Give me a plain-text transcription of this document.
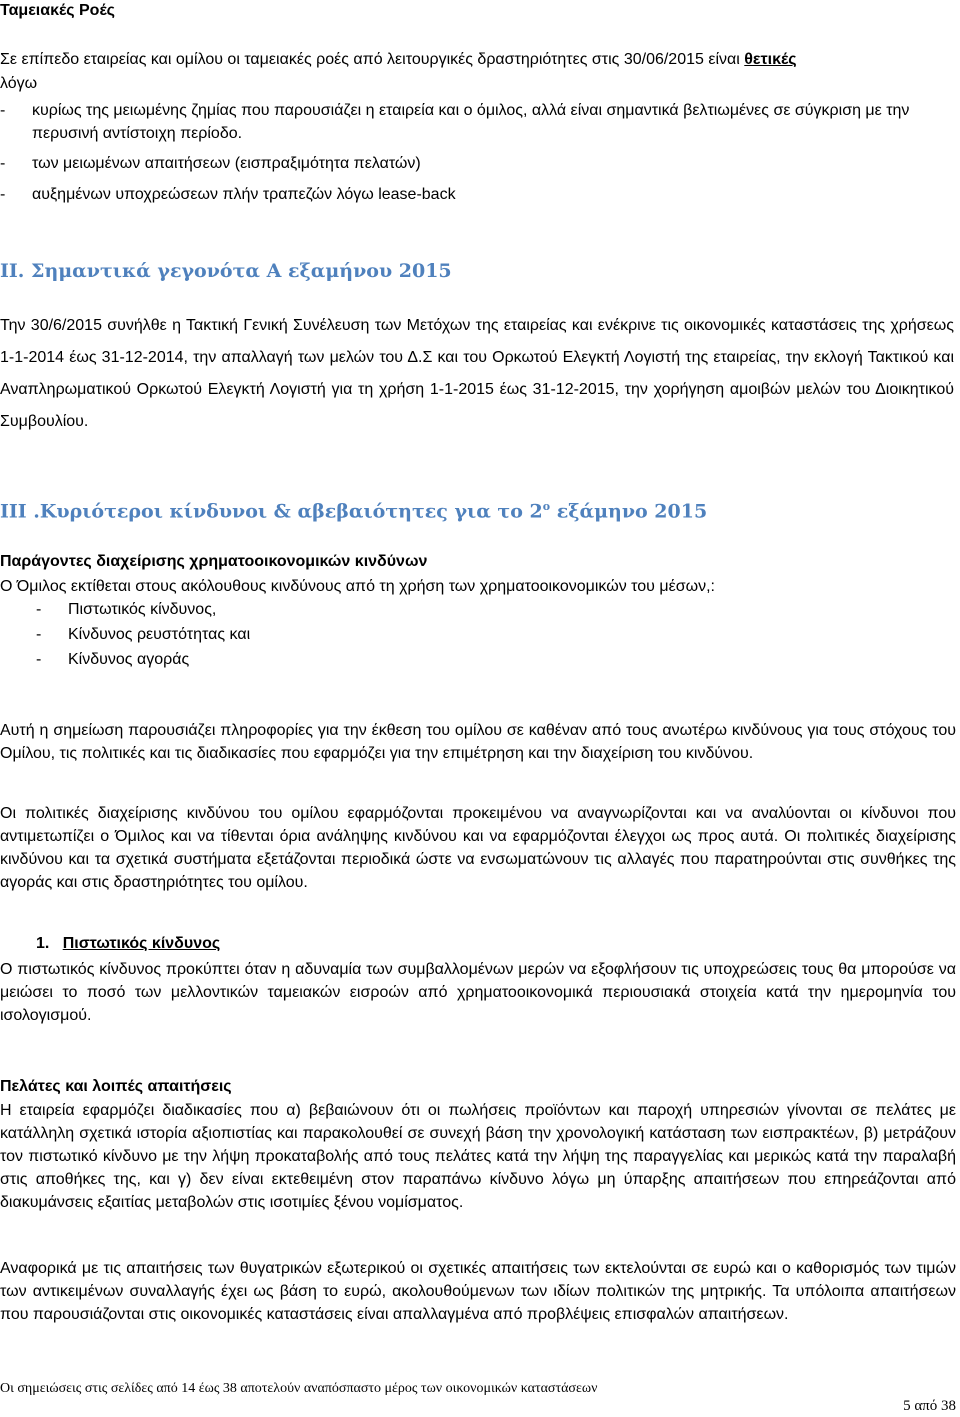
Ταμειακές Ροές
Σε επίπεδο εταιρείας και ομίλου οι ταμειακές ροές από λειτουργικές δραστηριότητες στις 30/06/2015 είναι θετικές
λόγω
-	κυρίως της μειωμένης ζημίας που παρουσιάζει η εταιρεία και ο όμιλος, αλλά είναι σημαντικά βελτιωμένες σε σύγκριση με την περυσινή αντίστοιχη περίοδο.
-	των μειωμένων απαιτήσεων (εισπραξιμότητα πελατών)
-	αυξημένων υποχρεώσεων πλήν τραπεζών λόγω lease-back
II. Σημαντικά γεγονότα Α εξαμήνου 2015
Την 30/6/2015 συνήλθε η Τακτική Γενική Συνέλευση των Μετόχων της εταιρείας και ενέκρινε τις οικονομικές καταστάσεις της χρήσεως 1-1-2014 έως 31-12-2014, την απαλλαγή των μελών του Δ.Σ και του Ορκωτού Ελεγκτή Λογιστή της εταιρείας, την εκλογή Τακτικού και Αναπληρωματικού Ορκωτού Ελεγκτή Λογιστή για τη χρήση 1-1-2015 έως 31-12-2015, την χορήγηση αμοιβών μελών του Διοικητικού Συμβουλίου.
III .Κυριότεροι κίνδυνοι & αβεβαιότητες για το $2^o$ εξάμηνο 2015
Παράγοντες διαχείρισης χρηματοοικονομικών κινδύνων
Ο Όμιλος εκτίθεται στους ακόλουθους κινδύνους από τη χρήση των χρηματοοικονομικών του μέσων,:
-	Πιστωτικός κίνδυνος,
-	Κίνδυνος ρευστότητας και
-	Κίνδυνος αγοράς
Αυτή η σημείωση παρουσιάζει πληροφορίες για την έκθεση του ομίλου σε καθέναν από τους ανωτέρω κινδύνους για τους στόχους του Ομίλου, τις πολιτικές και τις διαδικασίες που εφαρμόζει για την επιμέτρηση και την διαχείριση του κινδύνου.
Οι πολιτικές διαχείρισης κινδύνου του ομίλου εφαρμόζονται προκειμένου να αναγνωρίζονται και να αναλύονται οι κίνδυνοι που αντιμετωπίζει ο Όμιλος και να τίθενται όρια ανάληψης κινδύνου και να εφαρμόζονται έλεγχοι ως προς αυτά. Οι πολιτικές διαχείρισης κινδύνου και τα σχετικά συστήματα εξετάζονται περιοδικά ώστε να ενσωματώνουν τις αλλαγές που παρατηρούνται στις συνθήκες της αγοράς και στις δραστηριότητες του ομίλου.
1. Πιστωτικός κίνδυνος
Ο πιστωτικός κίνδυνος προκύπτει όταν η αδυναμία των συμβαλλομένων μερών να εξοφλήσουν τις υποχρεώσεις τους θα μπορούσε να μειώσει το ποσό των μελλοντικών ταμειακών εισροών από χρηματοοικονομικά περιουσιακά στοιχεία κατά την ημερομηνία του ισολογισμού.
Πελάτες και λοιπές απαιτήσεις
Η εταιρεία εφαρμόζει διαδικασίες που α) βεβαιώνουν ότι οι πωλήσεις προϊόντων και παροχή υπηρεσιών γίνονται σε πελάτες με κατάλληλη σχετικά ιστορία αξιοπιστίας και παρακολουθεί σε συνεχή βάση την χρονολογική κατάσταση των εισπρακτέων, β) μετράζουν τον πιστωτικό κίνδυνο με την λήψη προκαταβολής από τους πελάτες κατά την λήψη της παραγγελίας και μερικώς κατά την παραλαβή στις αποθήκες της, και γ) δεν είναι εκτεθειμένη στον παραπάνω κίνδυνο λόγω μη ύπαρξης απαιτήσεων που επηρεάζονται από διακυμάνσεις εξαιτίας μεταβολών στις ισοτιμίες ξένου νομίσματος.
Αναφορικά με τις απαιτήσεις των θυγατρικών εξωτερικού οι σχετικές απαιτήσεις των εκτελούνται σε ευρώ και ο καθορισμός των τιμών των αντικειμένων συναλλαγής έχει ως βάση το ευρώ, ακολουθούμενων των ιδίων πολιτικών της μητρικής. Τα υπόλοιπα απαιτήσεων που παρουσιάζονται στις οικονομικές καταστάσεις είναι απαλλαγμένα από προβλέψεις επισφαλών απαιτήσεων.
Οι σημειώσεις στις σελίδες από 14 έως 38 αποτελούν αναπόσπαστο μέρος των οικονομικών καταστάσεων
5 από 38
